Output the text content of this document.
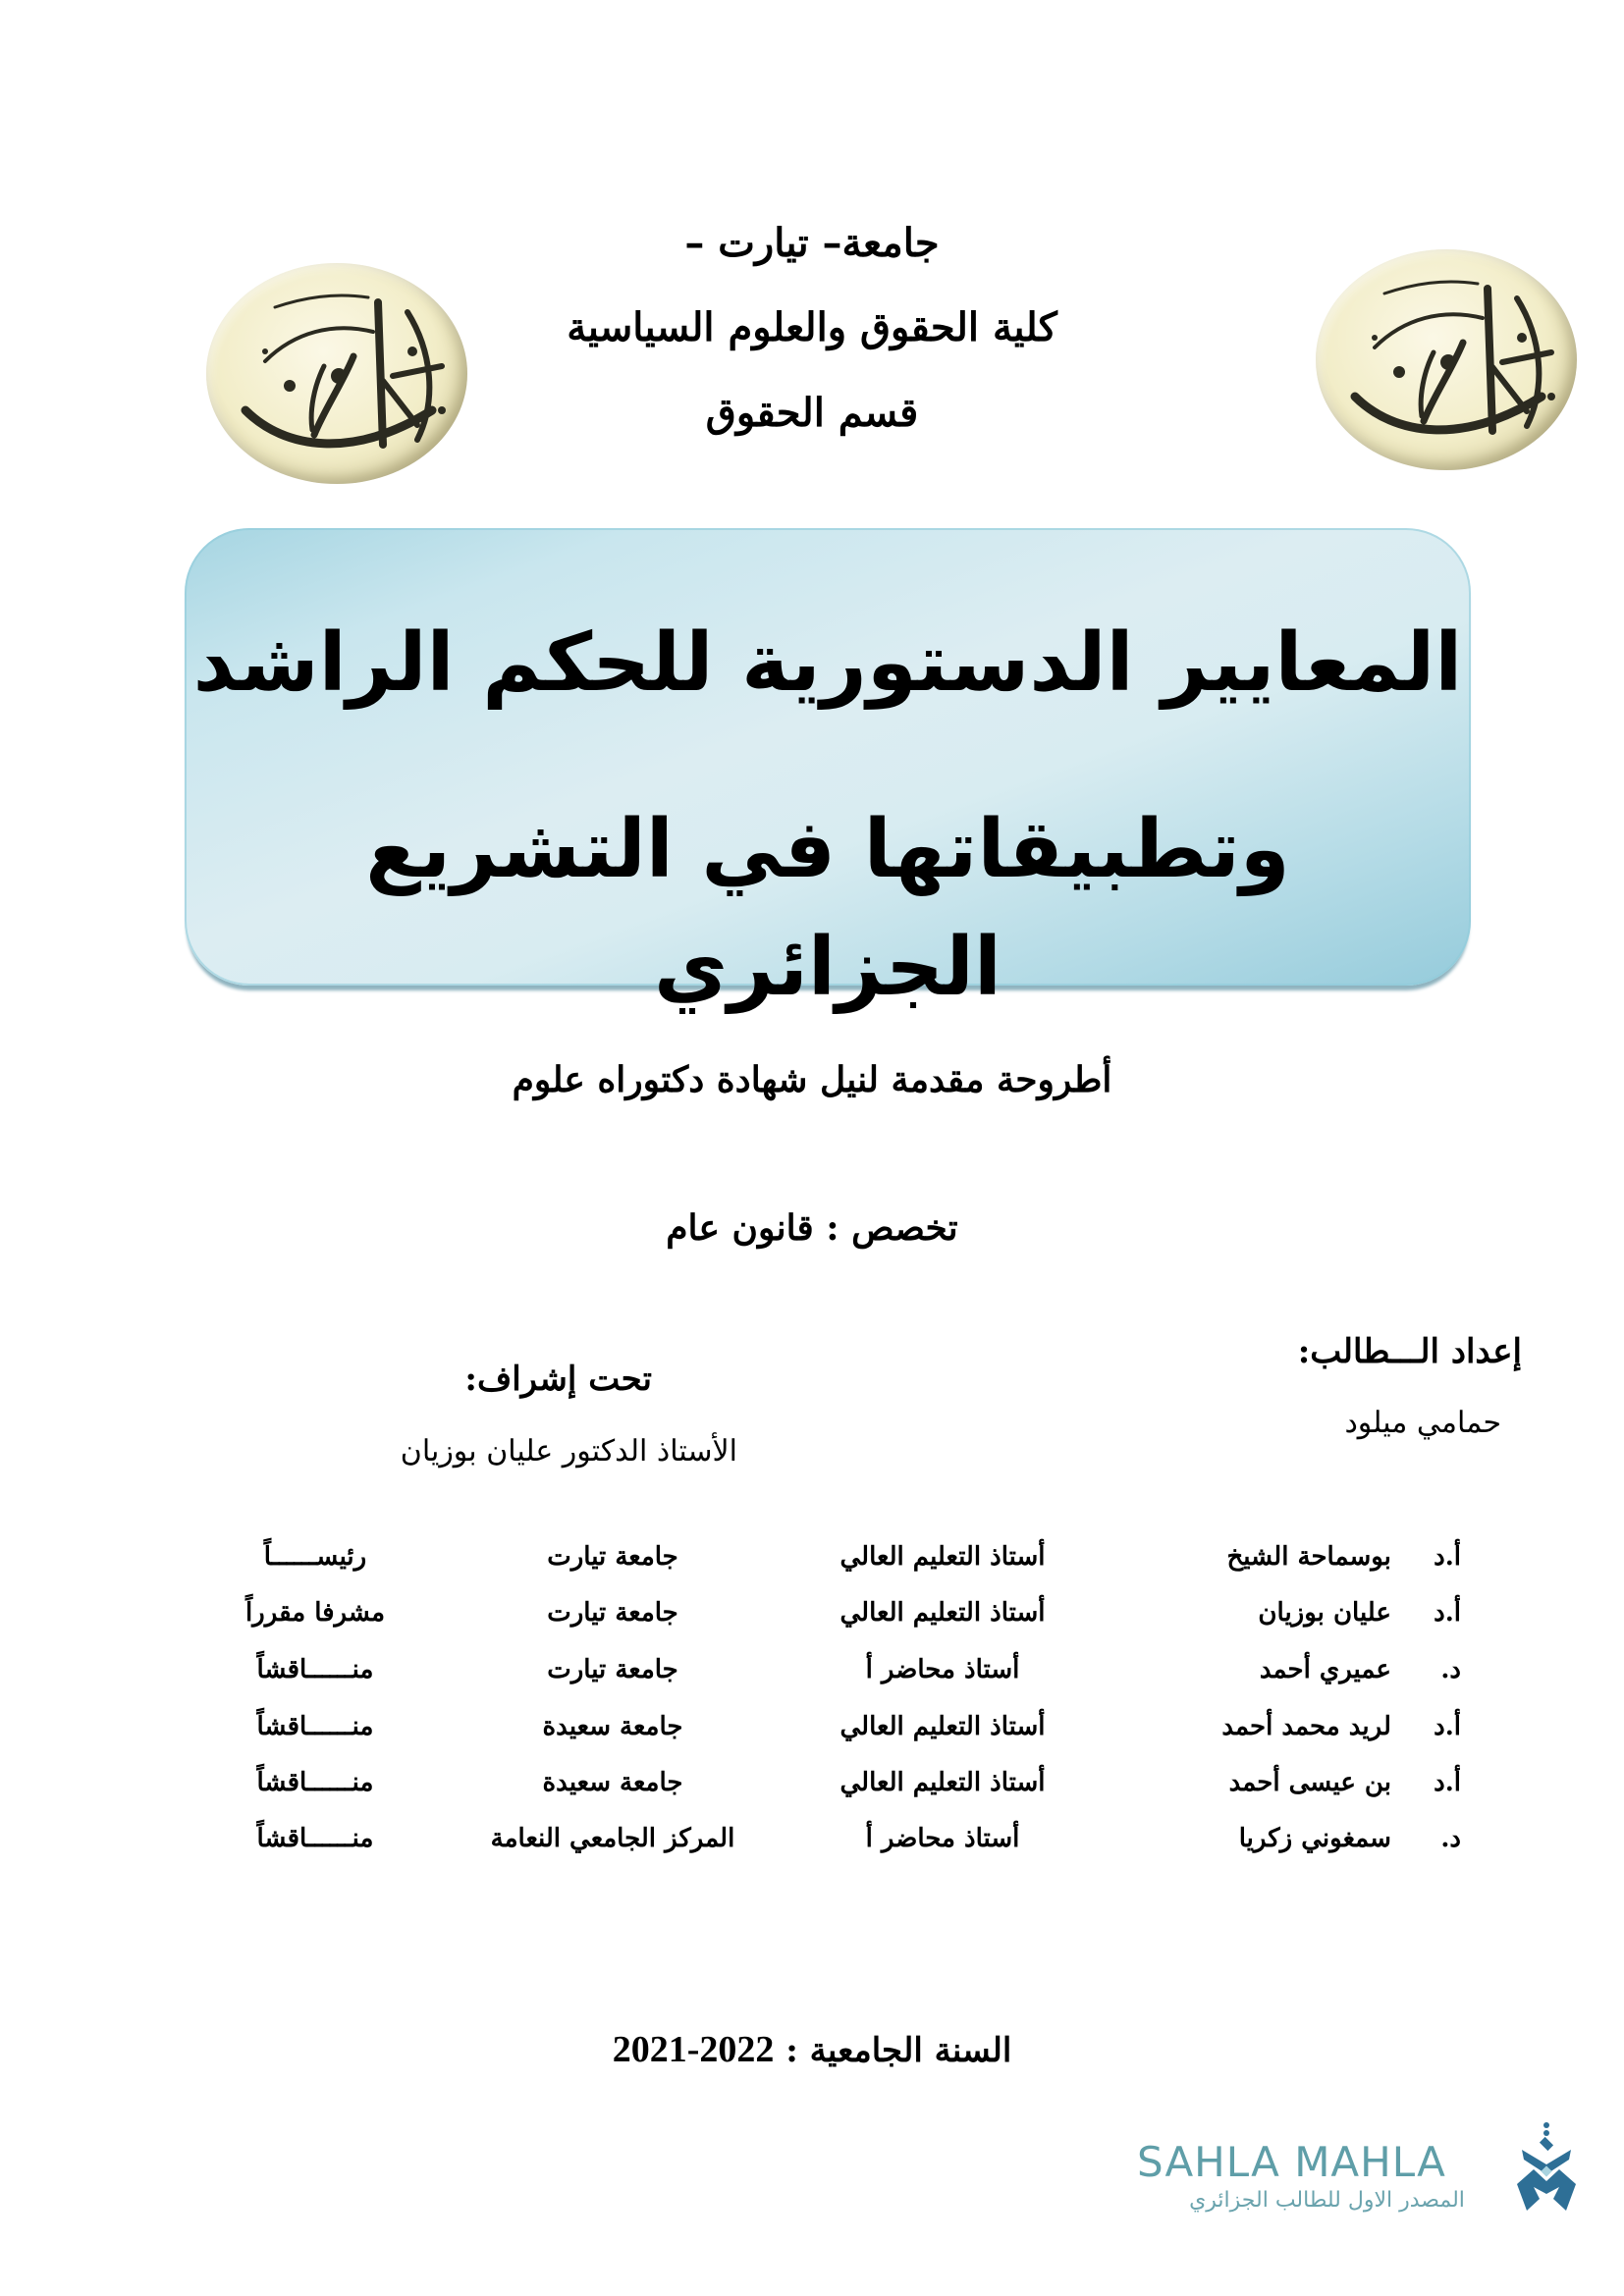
جامعة– تيارت –
كلية الحقوق والعلوم السياسية
قسم الحقوق
المعايير الدستورية للحكم الراشد
وتطبيقاتها في التشريع الجزائري
أطروحة مقدمة لنيل شهادة دكتوراه علوم
تخصص : قانون عام
إعداد الـــطالب:
حمامي ميلود
تحت إشراف:
الأستاذ الدكتور عليان بوزيان
أ.د بوسماحة الشيخ
أستاذ التعليم العالي
جامعة تيارت
رئيســــــاً
أ.د عليان بوزيان
أستاذ التعليم العالي
جامعة تيارت
مشرفا مقرراً
د. عميري أحمد
أستاذ محاضر أ
جامعة تيارت
منــــــاقشاً
أ.د لريد محمد أحمد
أستاذ التعليم العالي
جامعة سعيدة
منــــــاقشاً
أ.د بن عيسى أحمد
أستاذ التعليم العالي
جامعة سعيدة
منــــــاقشاً
د. سمغوني زكريا
أستاذ محاضر أ
المركز الجامعي النعامة
منــــــاقشاً
السنة الجامعية : 2021-2022
SAHLA MAHLA
المصدر الاول للطالب الجزائري
